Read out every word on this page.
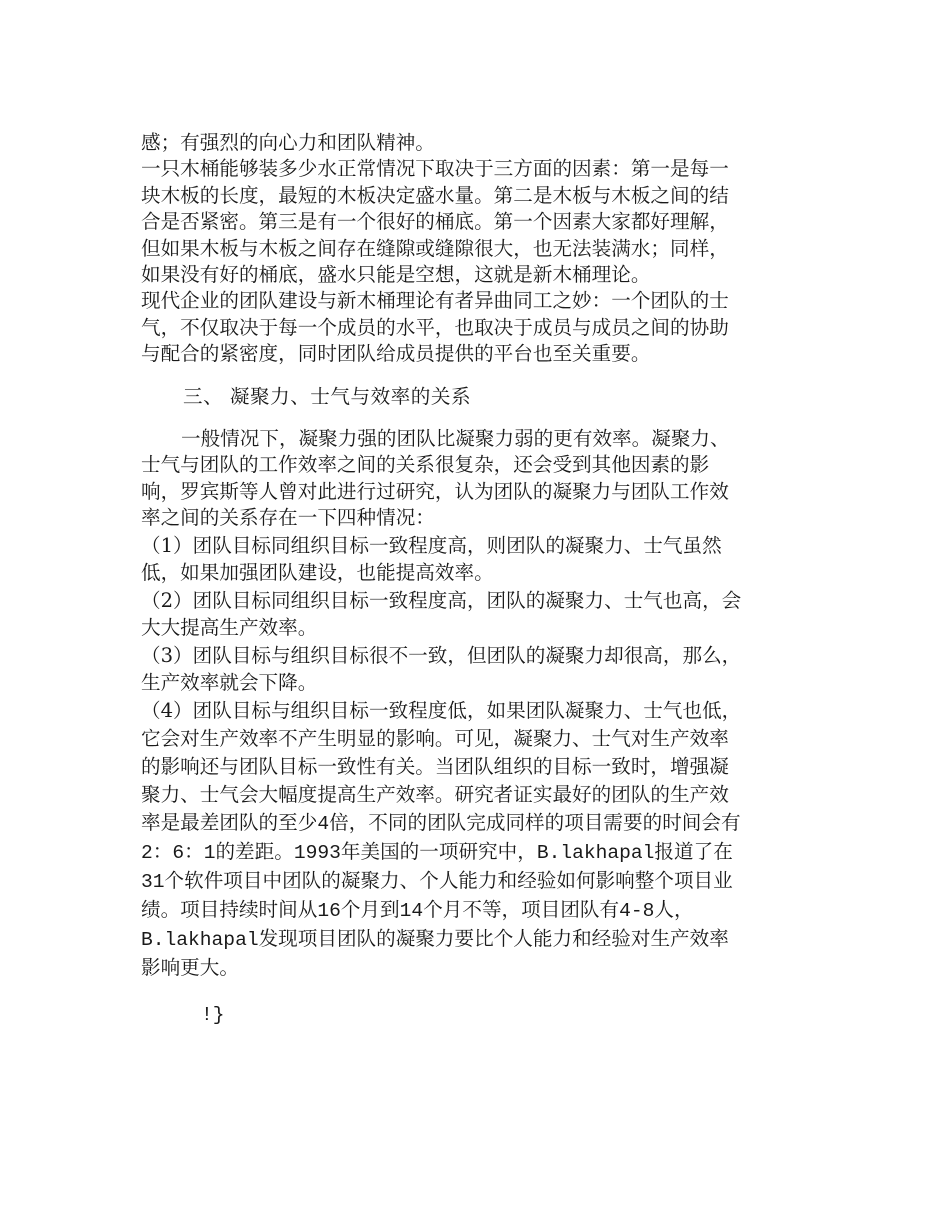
感；有强烈的向心力和团队精神。

一只木桶能够装多少水正常情况下取决于三方面的因素：第一是每一块木板的长度，最短的木板决定盛水量。第二是木板与木板之间的结合是否紧密。第三是有一个很好的桶底。第一个因素大家都好理解，但如果木板与木板之间存在缝隙或缝隙很大，也无法装满水；同样，如果没有好的桶底，盛水只能是空想，这就是新木桶理论。

现代企业的团队建设与新木桶理论有者异曲同工之妙：一个团队的士气，不仅取决于每一个成员的水平，也取决于成员与成员之间的协助与配合的紧密度，同时团队给成员提供的平台也至关重要。

三、 凝聚力、士气与效率的关系

一般情况下，凝聚力强的团队比凝聚力弱的更有效率。凝聚力、士气与团队的工作效率之间的关系很复杂，还会受到其他因素的影响，罗宾斯等人曾对此进行过研究，认为团队的凝聚力与团队工作效率之间的关系存在一下四种情况：

（1）团队目标同组织目标一致程度高，则团队的凝聚力、士气虽然低，如果加强团队建设，也能提高效率。

（2）团队目标同组织目标一致程度高，团队的凝聚力、士气也高，会大大提高生产效率。

（3）团队目标与组织目标很不一致，但团队的凝聚力却很高，那么，生产效率就会下降。

（4）团队目标与组织目标一致程度低，如果团队凝聚力、士气也低，它会对生产效率不产生明显的影响。可见，凝聚力、士气对生产效率的影响还与团队目标一致性有关。当团队组织的目标一致时，增强凝聚力、士气会大幅度提高生产效率。研究者证实最好的团队的生产效率是最差团队的至少4倍，不同的团队完成同样的项目需要的时间会有2：6：1的差距。1993年美国的一项研究中，B.lakhapal报道了在31个软件项目中团队的凝聚力、个人能力和经验如何影响整个项目业绩。项目持续时间从16个月到14个月不等，项目团队有4-8人，B.lakhapal发现项目团队的凝聚力要比个人能力和经验对生产效率影响更大。

!}
